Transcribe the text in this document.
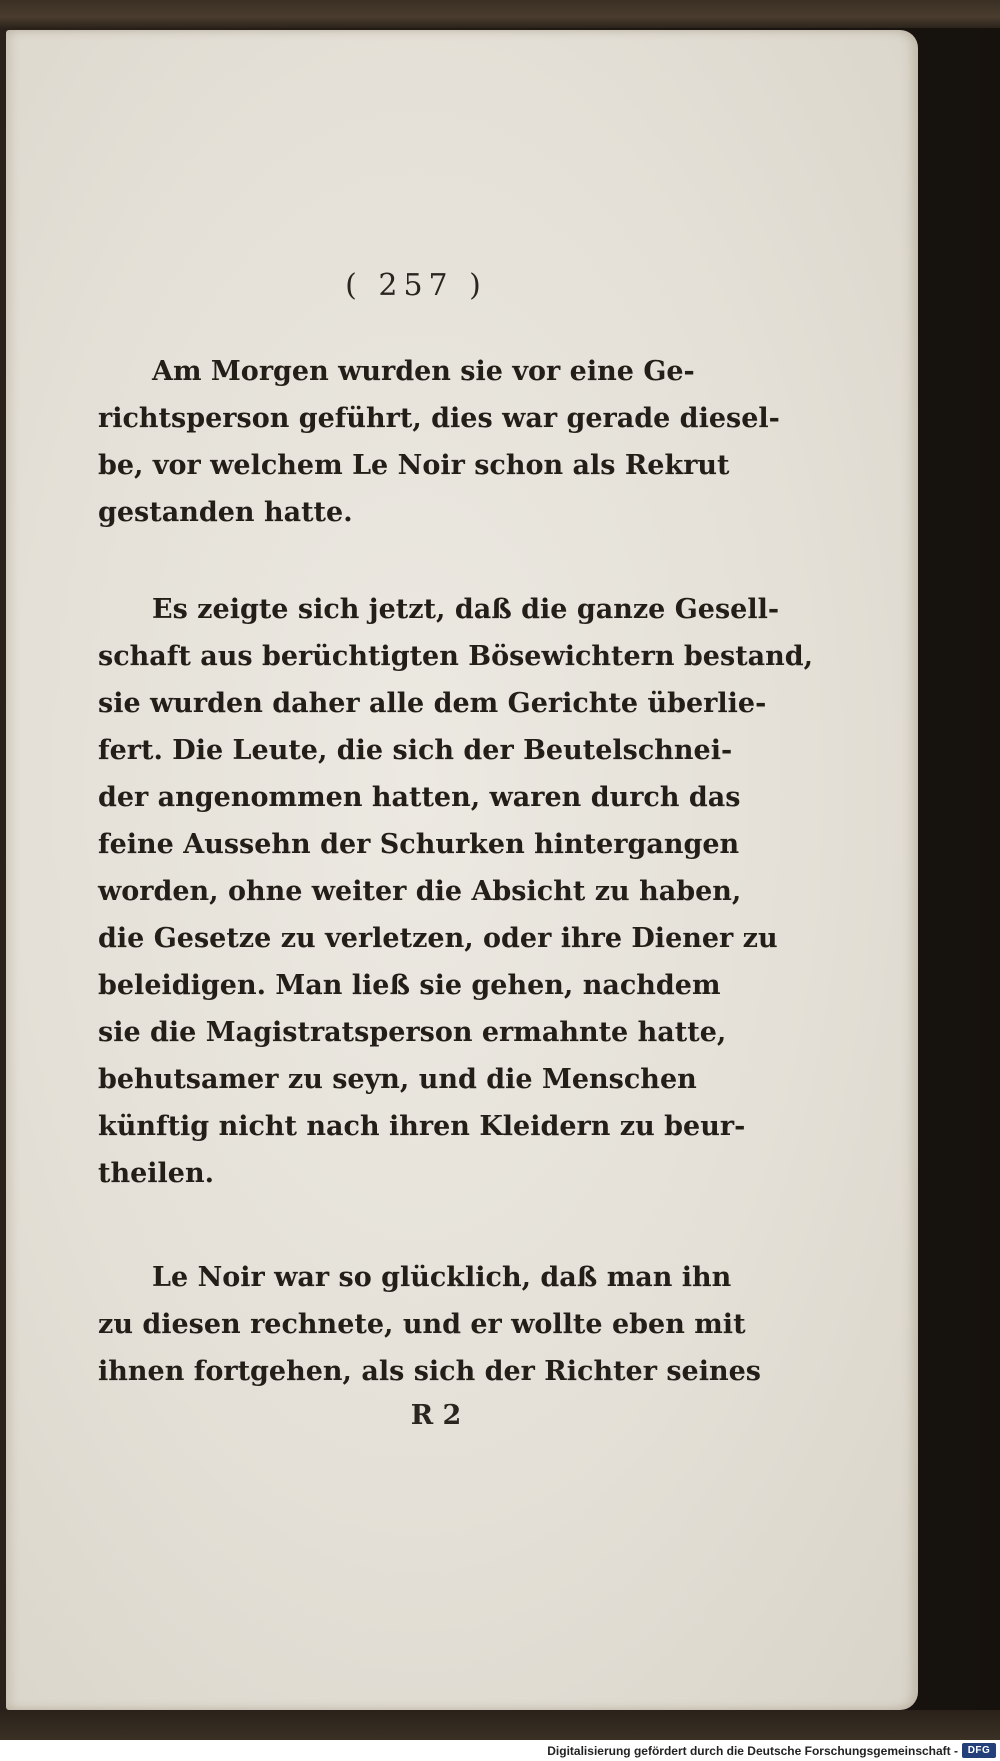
( 257 )

Am Morgen wurden sie vor eine Ge-
richtsperson geführt, dies war gerade diesel-
be, vor welchem Le Noir schon als Rekrut
gestanden hatte.

Es zeigte sich jetzt, daß die ganze Gesell-
schaft aus berüchtigten Bösewichtern bestand,
sie wurden daher alle dem Gerichte überlie-
fert. Die Leute, die sich der Beutelschnei-
der angenommen hatten, waren durch das
feine Aussehn der Schurken hintergangen
worden, ohne weiter die Absicht zu haben,
die Gesetze zu verletzen, oder ihre Diener zu
beleidigen. Man ließ sie gehen, nachdem
sie die Magistratsperson ermahnte hatte,
behutsamer zu seyn, und die Menschen
künftig nicht nach ihren Kleidern zu beur-
theilen.

Le Noir war so glücklich, daß man ihn
zu diesen rechnete, und er wollte eben mit
ihnen fortgehen, als sich der Richter seines

R 2
Digitalisierung gefördert durch die Deutsche Forschungsgemeinschaft - DFG
